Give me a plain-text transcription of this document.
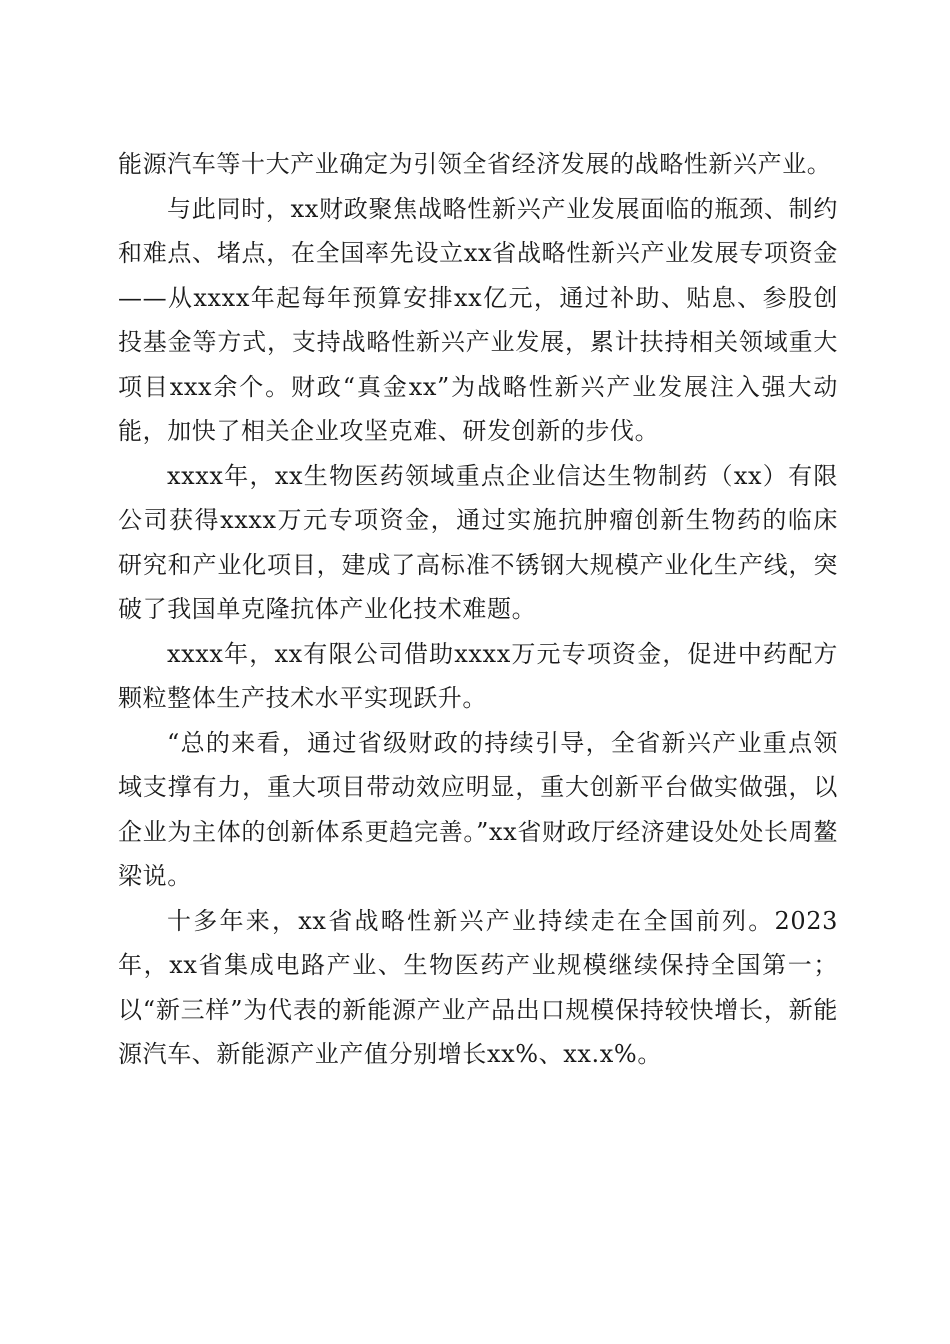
能源汽车等十大产业确定为引领全省经济发展的战略性新兴产业。

与此同时，xx财政聚焦战略性新兴产业发展面临的瓶颈、制约和难点、堵点，在全国率先设立xx省战略性新兴产业发展专项资金——从xxxx年起每年预算安排xx亿元，通过补助、贴息、参股创投基金等方式，支持战略性新兴产业发展，累计扶持相关领域重大项目xxx余个。财政“真金xx”为战略性新兴产业发展注入强大动能，加快了相关企业攻坚克难、研发创新的步伐。

xxxx年，xx生物医药领域重点企业信达生物制药（xx）有限公司获得xxxx万元专项资金，通过实施抗肿瘤创新生物药的临床研究和产业化项目，建成了高标准不锈钢大规模产业化生产线，突破了我国单克隆抗体产业化技术难题。

xxxx年，xx有限公司借助xxxx万元专项资金，促进中药配方颗粒整体生产技术水平实现跃升。

“总的来看，通过省级财政的持续引导，全省新兴产业重点领域支撑有力，重大项目带动效应明显，重大创新平台做实做强，以企业为主体的创新体系更趋完善。”xx省财政厅经济建设处处长周鳌梁说。

十多年来，xx省战略性新兴产业持续走在全国前列。2023年，xx省集成电路产业、生物医药产业规模继续保持全国第一；以“新三样”为代表的新能源产业产品出口规模保持较快增长，新能源汽车、新能源产业产值分别增长xx%、xx.x%。
